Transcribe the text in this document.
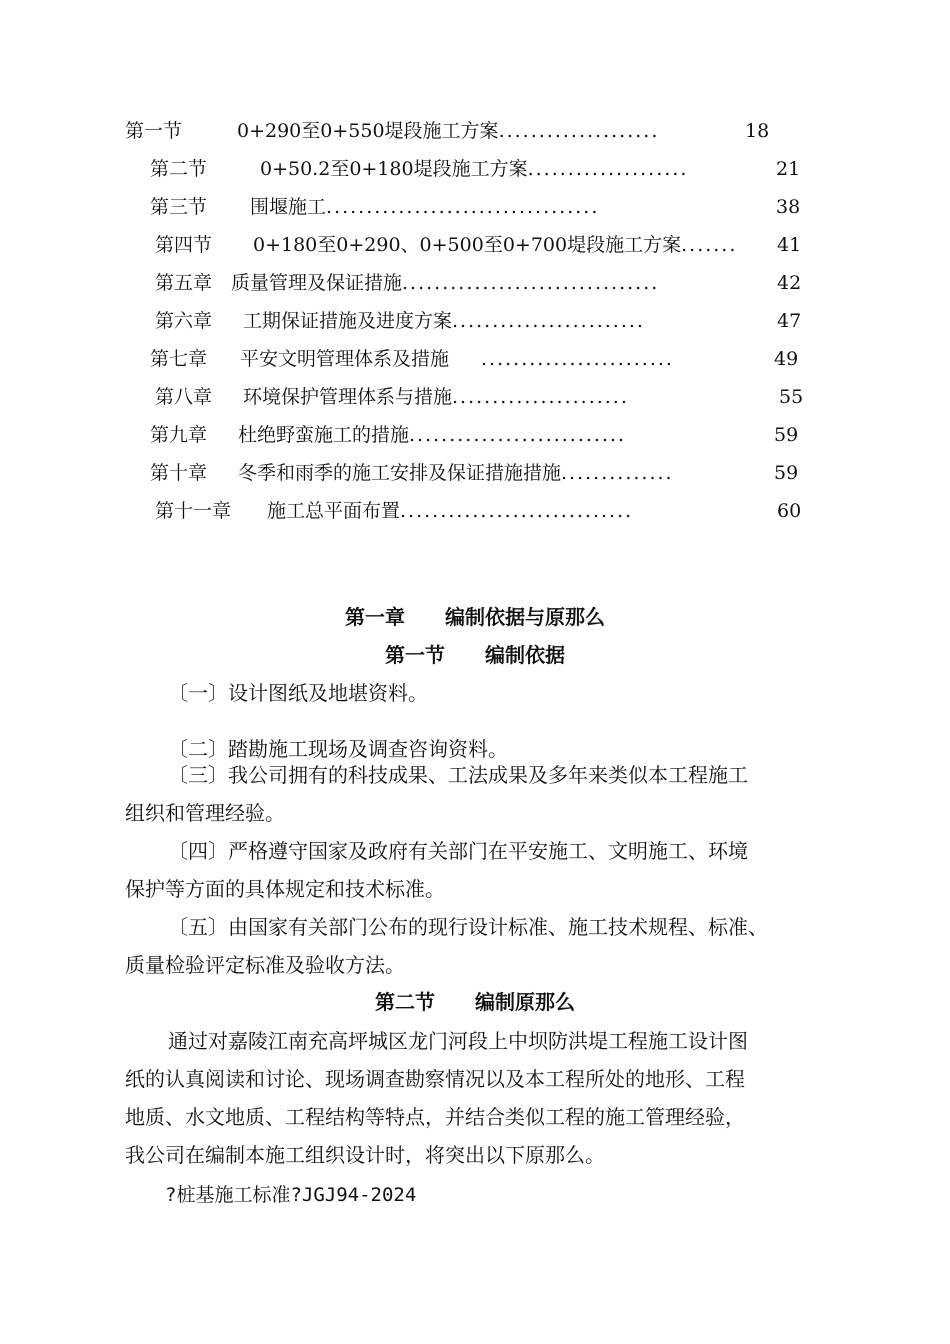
第一节	0+290至0+550堤段施工方案....................	18
第二节	0+50.2至0+180堤段施工方案....................	21
第三节 围堰施工..................................	38
第四节 0+180至0+290、0+500至0+700堤段施工方案....... 41
第五章 质量管理及保证措施................................	42
第六章 工期保证措施及进度方案........................	47
第七章 平安文明管理体系及措施 ........................	49
第八章 环境保护管理体系与措施......................	55
第九章 杜绝野蛮施工的措施...........................	59
第十章 冬季和雨季的施工安排及保证措施措施..............	59
第十一章 施工总平面布置.............................	60
第一章 编制依据与原那么
第一节 编制依据
〔一〕设计图纸及地堪资料。
〔二〕踏勘施工现场及调查咨询资料。
〔三〕我公司拥有的科技成果、工法成果及多年来类似本工程施工
组织和管理经验。
〔四〕严格遵守国家及政府有关部门在平安施工、文明施工、环境
保护等方面的具体规定和技术标准。
〔五〕由国家有关部门公布的现行设计标准、施工技术规程、标准、
质量检验评定标准及验收方法。
第二节 编制原那么
通过对嘉陵江南充高坪城区龙门河段上中坝防洪堤工程施工设计图
纸的认真阅读和讨论、现场调查勘察情况以及本工程所处的地形、工程
地质、水文地质、工程结构等特点，并结合类似工程的施工管理经验，
我公司在编制本施工组织设计时，将突出以下原那么。
?桩基施工标准?JGJ94-2024
